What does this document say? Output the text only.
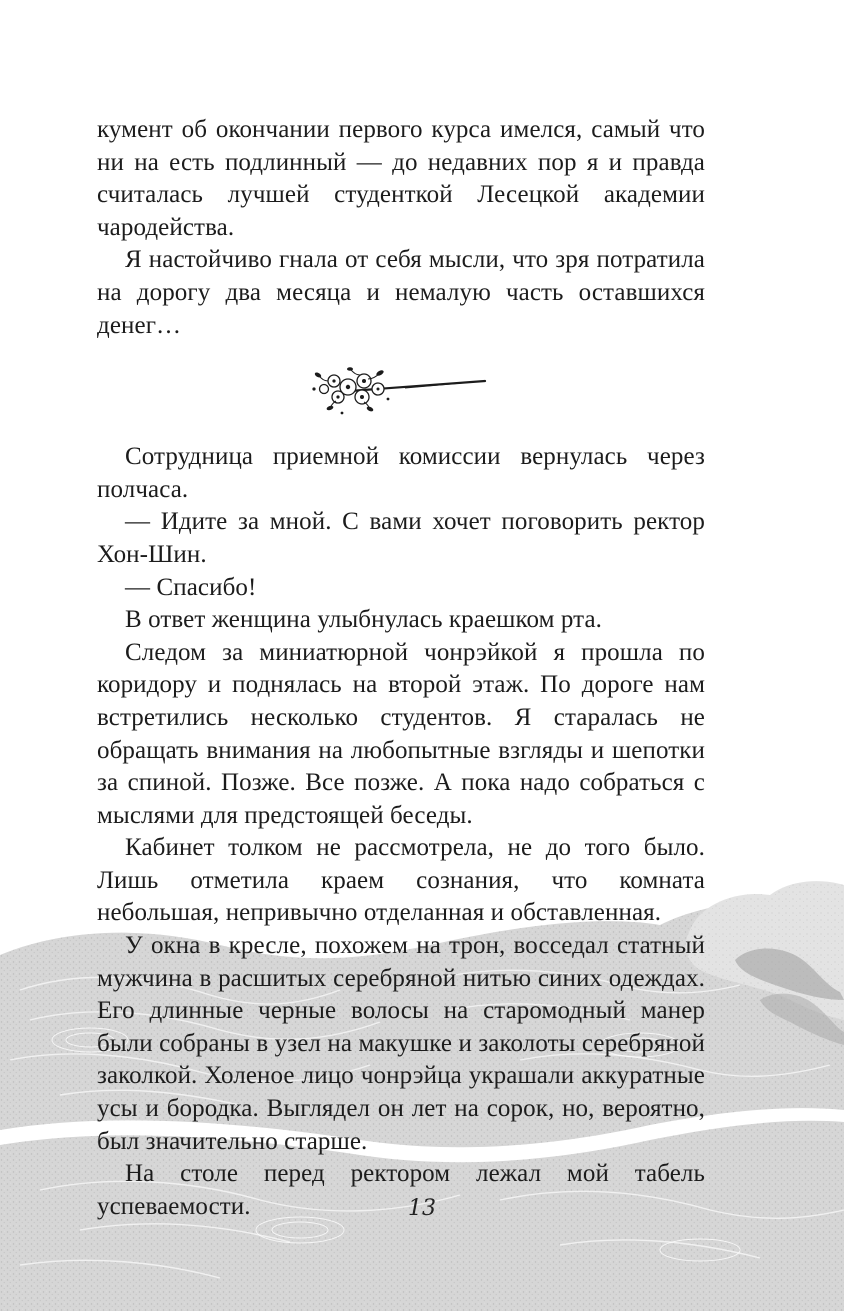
кумент об окончании первого курса имелся, самый что ни на есть подлинный — до недавних пор я и правда считалась лучшей студенткой Лесецкой академии чародейства.

Я настойчиво гнала от себя мысли, что зря потратила на дорогу два месяца и немалую часть оставшихся денег…

Сотрудница приемной комиссии вернулась через полчаса.

— Идите за мной. С вами хочет поговорить ректор Хон-Шин.

— Спасибо!

В ответ женщина улыбнулась краешком рта.

Следом за миниатюрной чонрэйкой я прошла по коридору и поднялась на второй этаж. По дороге нам встретились несколько студентов. Я старалась не обращать внимания на любопытные взгляды и шепотки за спиной. Позже. Все позже. А пока надо собраться с мыслями для предстоящей беседы.

Кабинет толком не рассмотрела, не до того было. Лишь отметила краем сознания, что комната небольшая, непривычно отделанная и обставленная.

У окна в кресле, похожем на трон, восседал статный мужчина в расшитых серебряной нитью синих одеждах. Его длинные черные волосы на старомодный манер были собраны в узел на макушке и заколоты серебряной заколкой. Холеное лицо чонрэйца украшали аккуратные усы и бородка. Выглядел он лет на сорок, но, вероятно, был значительно старше.

На столе перед ректором лежал мой табель успеваемости.	13
